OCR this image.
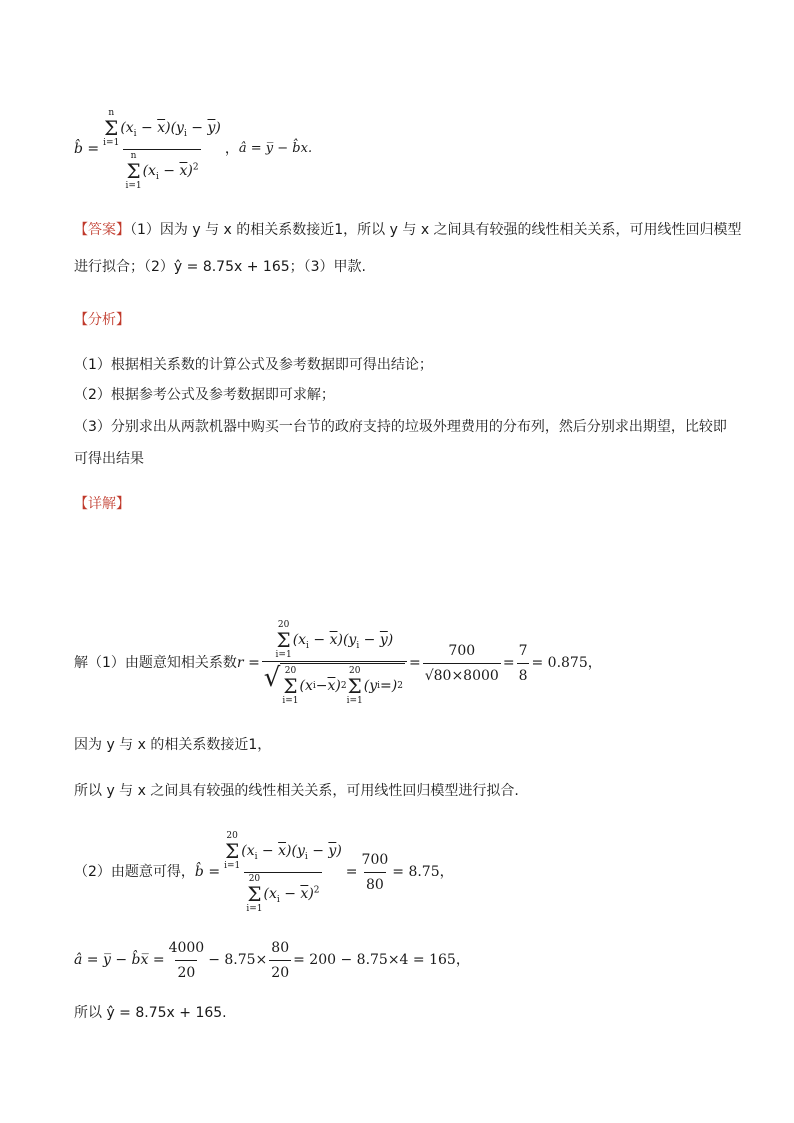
b̂ = n
Σ
i=1
$(x_i - \overline{x})(y_i - \overline{y})$
n
Σ
i=1
$(x_i - \overline{x})^2$ ， â = y̅ − b̂x.
【答案】（1）因为 y 与 x 的相关系数接近1，所以 y 与 x 之间具有较强的线性相关关系，可用线性回归模型
进行拟合；（2）ŷ = 8.75x + 165；（3）甲款.
【分析】
（1）根据相关系数的计算公式及参考数据即可得出结论；
（2）根据参考公式及参考数据即可求解；
（3）分别求出从两款机器中购买一台节的政府支持的垃圾外理费用的分布列，然后分别求出期望，比较即
可得出结果
【详解】
解（1）由题意知相关系数 r = 20
Σ
i=1
$(x_i - \overline{x})(y_i - \overline{y})$
√ 20
Σ
i=1
(x $i - \overline{x}$ ) 2
20
Σ
i=1
(y i =) $2 = \frac{700}{√80\times 8000} = \frac{7}{8} = 0.875$，
因为 y 与 x 的相关系数接近1，
所以 y 与 x 之间具有较强的线性相关关系，可用线性回归模型进行拟合.
（2）由题意可得， b̂ = 20
Σ
i=1
$(x_i - \overline{x})(y_i - \overline{y})$
20
Σ
i=1
$(x_i - \overline{x})^2 = \frac{700}{80} = 8.75$，
â = y̅ − b̂x̅ = $\frac{4000}{20} - 8.75\times \frac{80}{20} = 200 - 8.75\times 4 = 165$，
所以 ŷ = 8.75x + 165.
